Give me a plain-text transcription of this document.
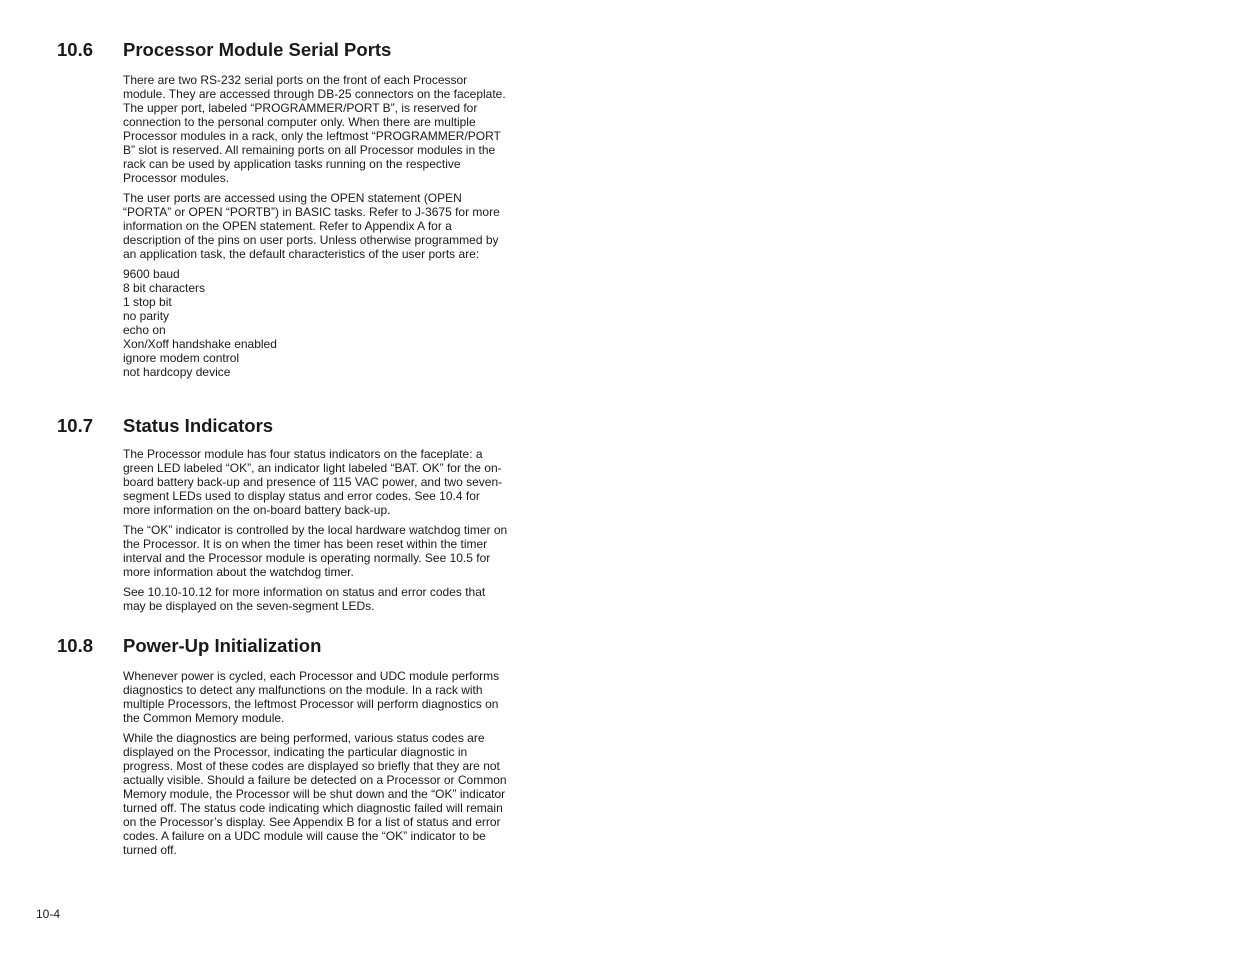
10.6 Processor Module Serial Ports

There are two RS-232 serial ports on the front of each Processor module. They are accessed through DB-25 connectors on the faceplate. The upper port, labeled “PROGRAMMER/PORT B”, is reserved for connection to the personal computer only. When there are multiple Processor modules in a rack, only the leftmost “PROGRAMMER/PORT B” slot is reserved. All remaining ports on all Processor modules in the rack can be used by application tasks running on the respective Processor modules.

The user ports are accessed using the OPEN statement (OPEN “PORTA” or OPEN “PORTB”) in BASIC tasks. Refer to J-3675 for more information on the OPEN statement. Refer to Appendix A for a description of the pins on user ports. Unless otherwise programmed by an application task, the default characteristics of the user ports are:

9600 baud
8 bit characters
1 stop bit
no parity
echo on
Xon/Xoff handshake enabled
ignore modem control
not hardcopy device
10.7 Status Indicators

The Processor module has four status indicators on the faceplate: a green LED labeled “OK”, an indicator light labeled “BAT. OK” for the on-board battery back-up and presence of 115 VAC power, and two seven-segment LEDs used to display status and error codes. See 10.4 for more information on the on-board battery back-up.

The “OK” indicator is controlled by the local hardware watchdog timer on the Processor. It is on when the timer has been reset within the timer interval and the Processor module is operating normally. See 10.5 for more information about the watchdog timer.

See 10.10-10.12 for more information on status and error codes that may be displayed on the seven-segment LEDs.

10.8 Power-Up Initialization

Whenever power is cycled, each Processor and UDC module performs diagnostics to detect any malfunctions on the module. In a rack with multiple Processors, the leftmost Processor will perform diagnostics on the Common Memory module.

While the diagnostics are being performed, various status codes are displayed on the Processor, indicating the particular diagnostic in progress. Most of these codes are displayed so briefly that they are not actually visible. Should a failure be detected on a Processor or Common Memory module, the Processor will be shut down and the “OK” indicator turned off. The status code indicating which diagnostic failed will remain on the Processor’s display. See Appendix B for a list of status and error codes. A failure on a UDC module will cause the “OK” indicator to be turned off.

10-4
